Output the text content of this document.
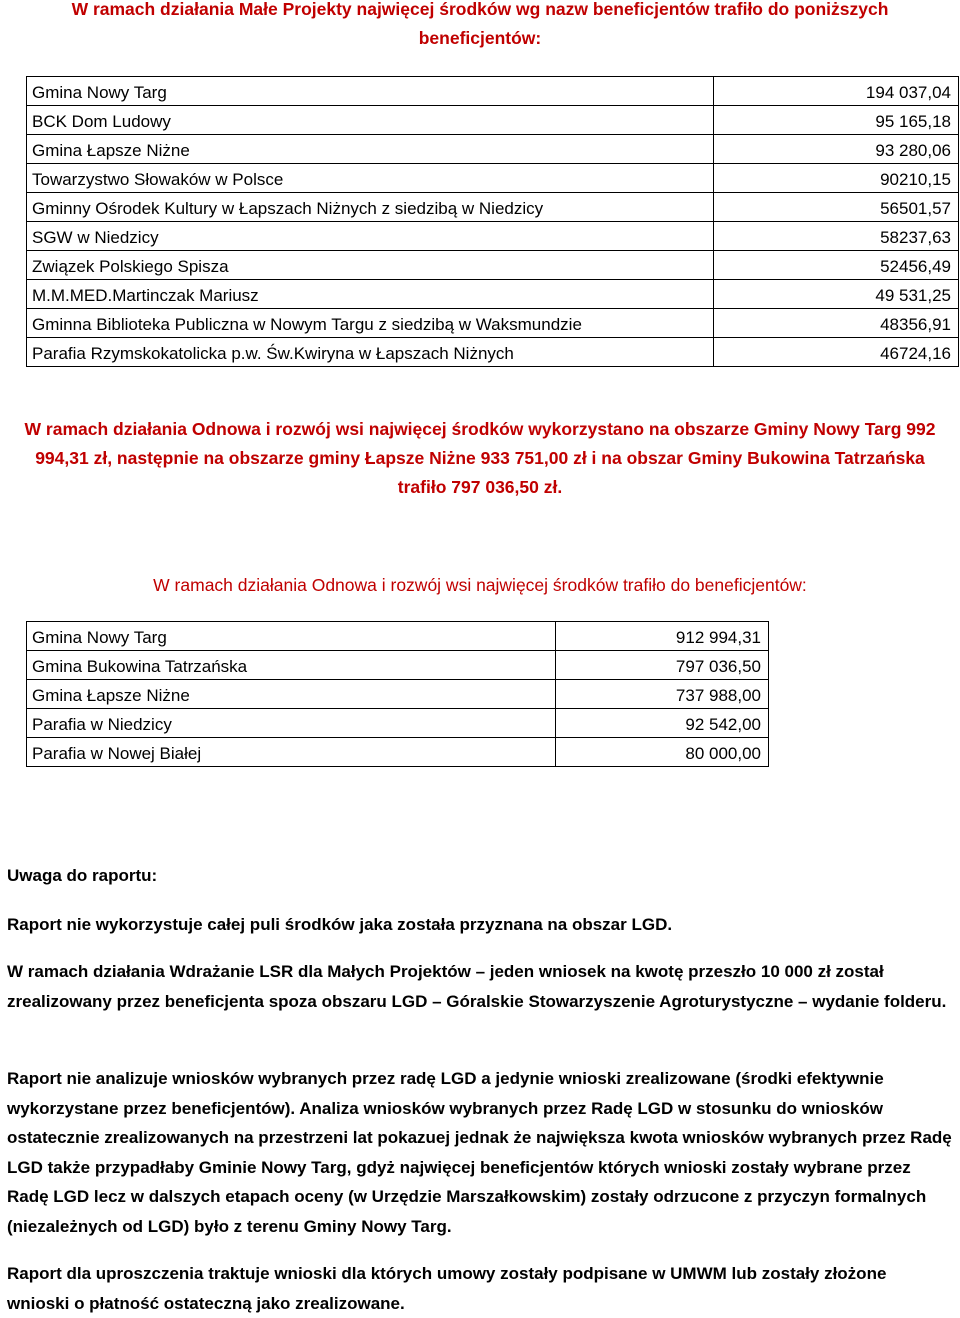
W ramach działania Małe Projekty najwięcej środków wg nazw beneficjentów trafiło do poniższych beneficjentów:
Gmina Nowy Targ	194 037,04
BCK Dom Ludowy	95 165,18
Gmina Łapsze Niżne	93 280,06
Towarzystwo Słowaków w Polsce	90210,15
Gminny Ośrodek Kultury w Łapszach Niżnych z siedzibą w Niedzicy	56501,57
SGW w Niedzicy	58237,63
Związek Polskiego Spisza	52456,49
M.M.MED.Martinczak Mariusz	49 531,25
Gminna Biblioteka Publiczna w Nowym Targu z siedzibą w Waksmundzie	48356,91
Parafia Rzymskokatolicka p.w. Św.Kwiryna w Łapszach Niżnych	46724,16
W ramach działania Odnowa i rozwój wsi najwięcej środków wykorzystano na obszarze Gminy Nowy Targ 992 994,31 zł, następnie na obszarze gminy Łapsze Niżne 933 751,00 zł i na obszar Gminy Bukowina Tatrzańska trafiło 797 036,50 zł.
W ramach działania Odnowa i rozwój wsi najwięcej środków trafiło do beneficjentów:
Gmina Nowy Targ	912 994,31
Gmina Bukowina Tatrzańska	797 036,50
Gmina Łapsze Niżne	737 988,00
Parafia w Niedzicy	92 542,00
Parafia w Nowej Białej	80 000,00
Uwaga do raportu:
Raport nie wykorzystuje całej puli środków jaka została przyznana na obszar LGD.
W ramach działania Wdrażanie LSR dla Małych Projektów – jeden wniosek na kwotę przeszło 10 000 zł został zrealizowany przez beneficjenta spoza obszaru LGD – Góralskie Stowarzyszenie Agroturystyczne – wydanie folderu.
Raport nie analizuje wniosków wybranych przez radę LGD a jedynie wnioski zrealizowane (środki efektywnie wykorzystane przez beneficjentów). Analiza wniosków wybranych przez Radę LGD w stosunku do wniosków ostatecznie zrealizowanych na przestrzeni lat pokazuej jednak że największa kwota wniosków wybranych przez Radę LGD także przypadłaby Gminie Nowy Targ, gdyż najwięcej beneficjentów których wnioski zostały wybrane przez Radę LGD lecz w dalszych etapach oceny (w Urzędzie Marszałkowskim) zostały odrzucone z przyczyn formalnych (niezależnych od LGD) było z terenu Gminy Nowy Targ.
Raport dla uproszczenia traktuje wnioski dla których umowy zostały podpisane w UMWM lub zostały złożone wnioski o płatność ostateczną jako zrealizowane.
